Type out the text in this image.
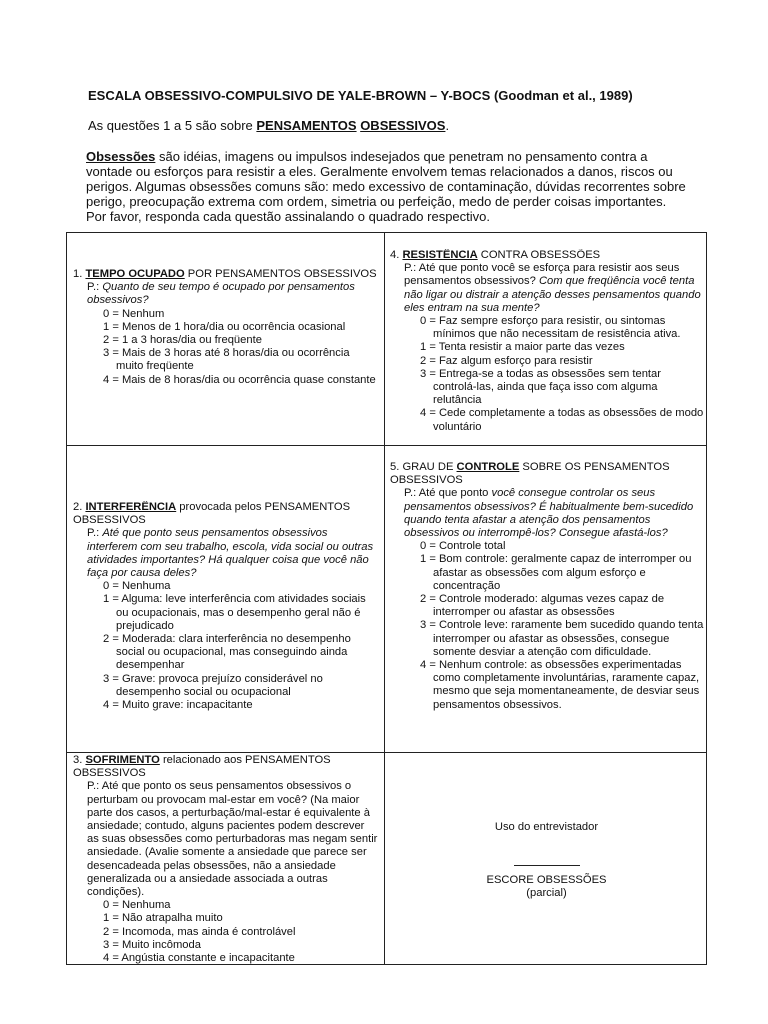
ESCALA OBSESSIVO-COMPULSIVO DE YALE-BROWN – Y-BOCS (Goodman et al., 1989)
As questões 1 a 5 são sobre PENSAMENTOS OBSESSIVOS.

Obsessões são idéias, imagens ou impulsos indesejados que penetram no pensamento contra a vontade ou esforços para resistir a eles. Geralmente envolvem temas relacionados a danos, riscos ou perigos. Algumas obsessões comuns são: medo excessivo de contaminação, dúvidas recorrentes sobre perigo, preocupação extrema com ordem, simetria ou perfeição, medo de perder coisas importantes.

Por favor, responda cada questão assinalando o quadrado respectivo.

1. TEMPO OCUPADO POR PENSAMENTOS OBSESSIVOS
P.: Quanto de seu tempo é ocupado por pensamentos obsessivos?
0 = Nenhum
1 = Menos de 1 hora/dia ou ocorrência ocasional
2 = 1 a 3 horas/dia ou freqüente
3 = Mais de 3 horas até 8 horas/dia ou ocorrência muito freqüente
4 = Mais de 8 horas/dia ou ocorrência quase constante
4. RESISTÊNCIA CONTRA OBSESSÕES
P.: Até que ponto você se esforça para resistir aos seus pensamentos obsessivos? Com que freqüência você tenta não ligar ou distrair a atenção desses pensamentos quando eles entram na sua mente?
0 = Faz sempre esforço para resistir, ou sintomas mínimos que não necessitam de resistência ativa.
1 = Tenta resistir a maior parte das vezes
2 = Faz algum esforço para resistir
3 = Entrega-se a todas as obsessões sem tentar controlá-las, ainda que faça isso com alguma relutância
4 = Cede completamente a todas as obsessões de modo voluntário
2. INTERFERÊNCIA provocada pelos PENSAMENTOS OBSESSIVOS
P.: Até que ponto seus pensamentos obsessivos interferem com seu trabalho, escola, vida social ou outras atividades importantes? Há qualquer coisa que você não faça por causa deles?
0 = Nenhuma
1 = Alguma: leve interferência com atividades sociais ou ocupacionais, mas o desempenho geral não é prejudicado
2 = Moderada: clara interferência no desempenho social ou ocupacional, mas conseguindo ainda desempenhar
3 = Grave: provoca prejuízo considerável no desempenho social ou ocupacional
4 = Muito grave: incapacitante
5. GRAU DE CONTROLE SOBRE OS PENSAMENTOS OBSESSIVOS
P.: Até que ponto você consegue controlar os seus pensamentos obsessivos? É habitualmente bem-sucedido quando tenta afastar a atenção dos pensamentos obsessivos ou interrompê-los? Consegue afastá-los?
0 = Controle total
1 = Bom controle: geralmente capaz de interromper ou afastar as obsessões com algum esforço e concentração
2 = Controle moderado: algumas vezes capaz de interromper ou afastar as obsessões
3 = Controle leve: raramente bem sucedido quando tenta interromper ou afastar as obsessões, consegue somente desviar a atenção com dificuldade.
4 = Nenhum controle: as obsessões experimentadas como completamente involuntárias, raramente capaz, mesmo que seja momentaneamente, de desviar seus pensamentos obsessivos.
3. SOFRIMENTO relacionado aos PENSAMENTOS OBSESSIVOS
P.: Até que ponto os seus pensamentos obsessivos o perturbam ou provocam mal-estar em você? (Na maior parte dos casos, a perturbação/mal-estar é equivalente à ansiedade; contudo, alguns pacientes podem descrever as suas obsessões como perturbadoras mas negam sentir ansiedade. (Avalie somente a ansiedade que parece ser desencadeada pelas obsessões, não a ansiedade generalizada ou a ansiedade associada a outras condições).
0 = Nenhuma
1 = Não atrapalha muito
2 = Incomoda, mas ainda é controlável
3 = Muito incômoda
4 = Angústia constante e incapacitante
Uso do entrevistador
ESCORE OBSESSÕES
(parcial)
